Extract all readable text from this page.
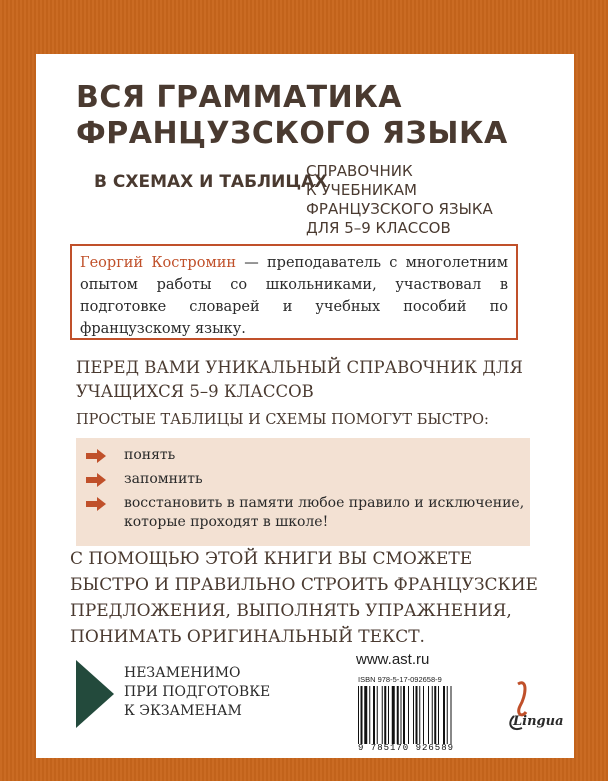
ВСЯ ГРАММАТИКА
ФРАНЦУЗСКОГО ЯЗЫКА
В СХЕМАХ И ТАБЛИЦАХ
СПРАВОЧНИК
К УЧЕБНИКАМ
ФРАНЦУЗСКОГО ЯЗЫКА
ДЛЯ 5–9 КЛАССОВ
Георгий Костромин — преподаватель с многолетним опытом работы со школьниками, участвовал в подготовке словарей и учебных пособий по французскому языку.
ПЕРЕД ВАМИ УНИКАЛЬНЫЙ СПРАВОЧНИК ДЛЯ
УЧАЩИХСЯ 5–9 КЛАССОВ
ПРОСТЫЕ ТАБЛИЦЫ И СХЕМЫ ПОМОГУТ БЫСТРО:
понять
запомнить
восстановить в памяти любое правило и исключение, которые проходят в школе!
С ПОМОЩЬЮ ЭТОЙ КНИГИ ВЫ СМОЖЕТЕ
БЫСТРО И ПРАВИЛЬНО СТРОИТЬ ФРАНЦУЗСКИЕ
ПРЕДЛОЖЕНИЯ, ВЫПОЛНЯТЬ УПРАЖНЕНИЯ,
ПОНИМАТЬ ОРИГИНАЛЬНЫЙ ТЕКСТ.
НЕЗАМЕНИМО
ПРИ ПОДГОТОВКЕ
К ЭКЗАМЕНАМ
www.ast.ru
ISBN 978-5-17-092658-9
9 785170 926589
Lingua
